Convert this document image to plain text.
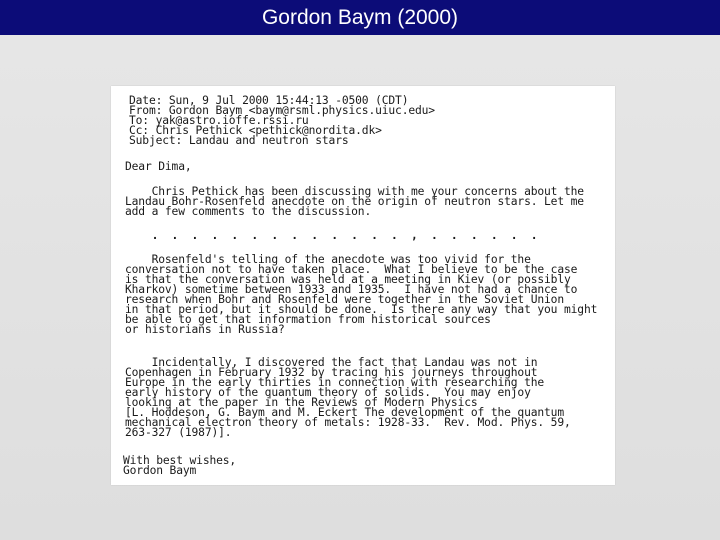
Gordon Baym (2000)
Date: Sun, 9 Jul 2000 15:44:13 -0500 (CDT)
From: Gordon Baym <baym@rsml.physics.uiuc.edu>
To: yak@astro.ioffe.rssi.ru
Cc: Chris Pethick <pethick@nordita.dk>
Subject: Landau and neutron stars
Dear Dima,
Chris Pethick has been discussing with me your concerns about the
Landau Bohr-Rosenfeld anecdote on the origin of neutron stars. Let me
add a few comments to the discussion.
.  .  .  .  .  .  .  .  .  .  .  .  .  ,  .  .  .  .  .  .
Rosenfeld's telling of the anecdote was too vivid for the
conversation not to have taken place.  What I believe to be the case
is that the conversation was held at a meeting in Kiev (or possibly
Kharkov) sometime between 1933 and 1935.  I have not had a chance to
research when Bohr and Rosenfeld were together in the Soviet Union
in that period, but it should be done.  Is there any way that you might
be able to get that information from historical sources
or historians in Russia?
Incidentally, I discovered the fact that Landau was not in
Copenhagen in February 1932 by tracing his journeys throughout
Europe in the early thirties in connection with researching the
early history of the quantum theory of solids.  You may enjoy
looking at the paper in the Reviews of Modern Physics
[L. Hoddeson, G. Baym and M. Eckert The development of the quantum
mechanical electron theory of metals: 1928-33.  Rev. Mod. Phys. 59,
263-327 (1987)].
With best wishes,
Gordon Baym
